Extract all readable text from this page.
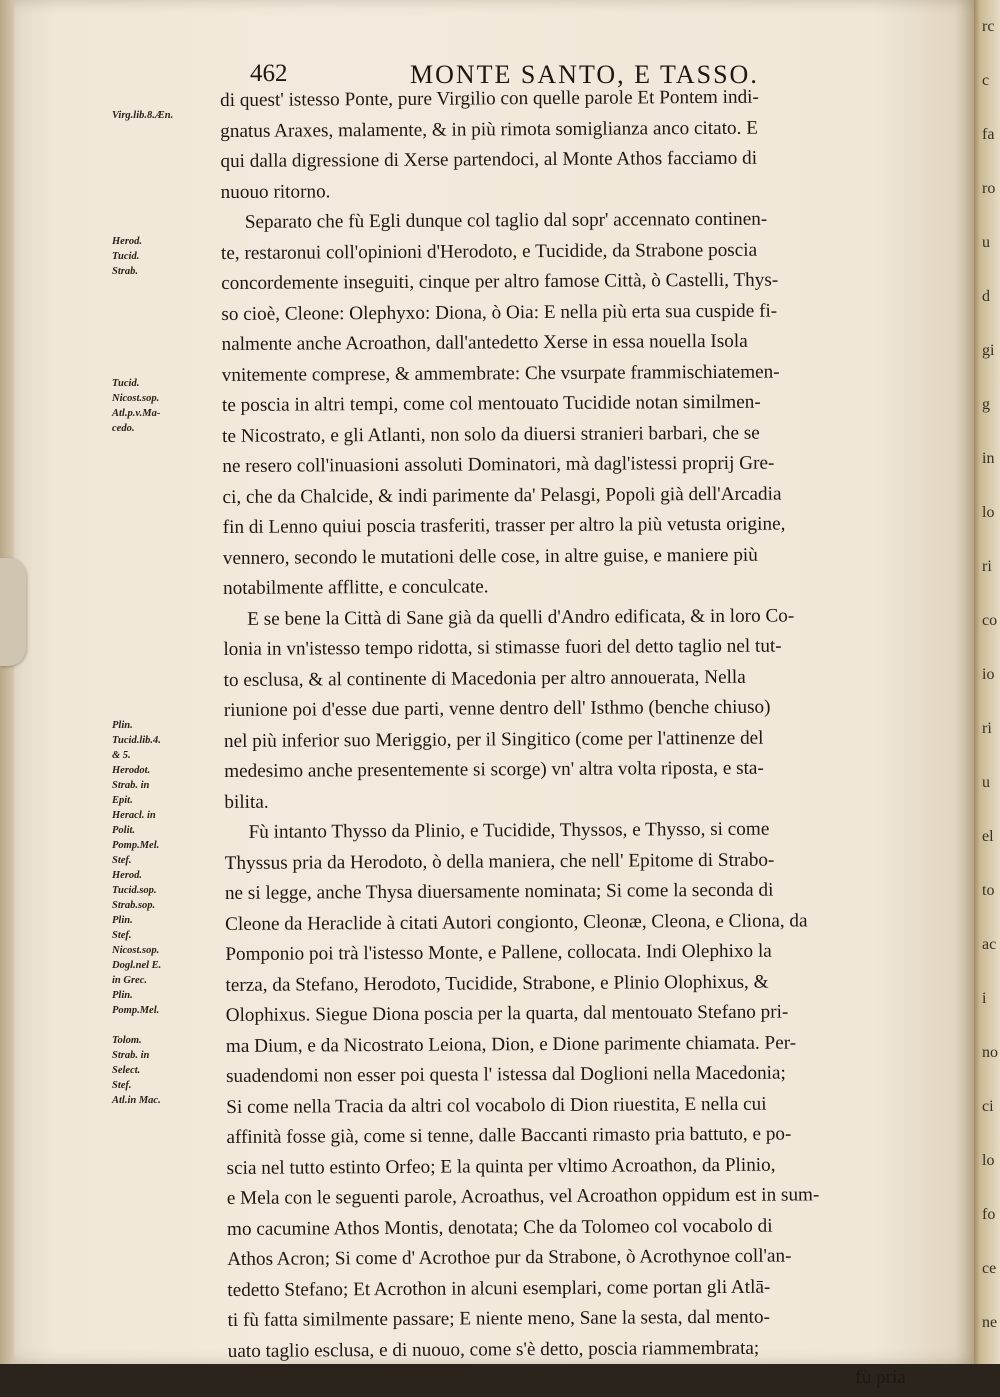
rc
c
fa
ro
u
d
gi
g
in
lo
ri
co
io
ri
u
el
to
ac
i
no
ci
lo
fo
ce
ne
462	MONTE SANTO, E TASSO.
Virg.lib.8.Æn.
Herod.
Tucid.
Strab.
Tucid.
Nicost.sop.
Atl.p.v.Ma-
cedo.
Plin.
Tucid.lib.4.
& 5.
Herodot.
Strab. in
Epit.
Heracl. in
Polit.
Pomp.Mel.
Stef.
Herod.
Tucid.sop.
Strab.sop.
Plin.
Stef.
Nicost.sop.
Dogl.nel E.
in Grec.
Plin.
Pomp.Mel.

Tolom.
Strab. in
Select.
Stef.
Atl.in Mac.
di quest' istesso Ponte, pure Virgilio con quelle parole Et Pontem indi-
gnatus Araxes, malamente, & in più rimota somiglianza anco citato. E
qui dalla digressione di Xerse partendoci, al Monte Athos facciamo di
nuouo ritorno.
Separato che fù Egli dunque col taglio dal sopr' accennato continen-
te, restaronui coll'opinioni d'Herodoto, e Tucidide, da Strabone poscia
concordemente inseguiti, cinque per altro famose Città, ò Castelli, Thys-
so cioè, Cleone: Olephyxo: Diona, ò Oia: E nella più erta sua cuspide fi-
nalmente anche Acroathon, dall'antedetto Xerse in essa nouella Isola
vnitemente comprese, & ammembrate: Che vsurpate frammischiatemen-
te poscia in altri tempi, come col mentouato Tucidide notan similmen-
te Nicostrato, e gli Atlanti, non solo da diuersi stranieri barbari, che se
ne resero coll'inuasioni assoluti Dominatori, mà dagl'istessi proprij Gre-
ci, che da Chalcide, & indi parimente da' Pelasgi, Popoli già dell'Arcadia
fin di Lenno quiui poscia trasferiti, trasser per altro la più vetusta origine,
vennero, secondo le mutationi delle cose, in altre guise, e maniere più
notabilmente afflitte, e conculcate.
E se bene la Città di Sane già da quelli d'Andro edificata, & in loro Co-
lonia in vn'istesso tempo ridotta, si stimasse fuori del detto taglio nel tut-
to esclusa, & al continente di Macedonia per altro annouerata, Nella
riunione poi d'esse due parti, venne dentro dell' Isthmo (benche chiuso)
nel più inferior suo Meriggio, per il Singitico (come per l'attinenze del
medesimo anche presentemente si scorge) vn' altra volta riposta, e sta-
bilita.
Fù intanto Thysso da Plinio, e Tucidide, Thyssos, e Thysso, si come
Thyssus pria da Herodoto, ò della maniera, che nell' Epitome di Strabo-
ne si legge, anche Thysa diuersamente nominata; Si come la seconda di
Cleone da Heraclide à citati Autori congionto, Cleonæ, Cleona, e Cliona, da
Pomponio poi trà l'istesso Monte, e Pallene, collocata. Indi Olephixo la
terza, da Stefano, Herodoto, Tucidide, Strabone, e Plinio Olophixus, &
Olophixus. Siegue Diona poscia per la quarta, dal mentouato Stefano pri-
ma Dium, e da Nicostrato Leiona, Dion, e Dione parimente chiamata. Per-
suadendomi non esser poi questa l' istessa dal Doglioni nella Macedonia;
Si come nella Tracia da altri col vocabolo di Dion riuestita, E nella cui
affinità fosse già, come si tenne, dalle Baccanti rimasto pria battuto, e po-
scia nel tutto estinto Orfeo; E la quinta per vltimo Acroathon, da Plinio,
e Mela con le seguenti parole, Acroathus, vel Acroathon oppidum est in sum-
mo cacumine Athos Montis, denotata; Che da Tolomeo col vocabolo di
Athos Acron; Si come d' Acrothoe pur da Strabone, ò Acrothynoe coll'an-
tedetto Stefano; Et Acrothon in alcuni esemplari, come portan gli Atlā-
ti fù fatta similmente passare; E niente meno, Sane la sesta, dal mento-
uato taglio esclusa, e di nuouo, come s'è detto, poscia riammembrata;
fù pria
